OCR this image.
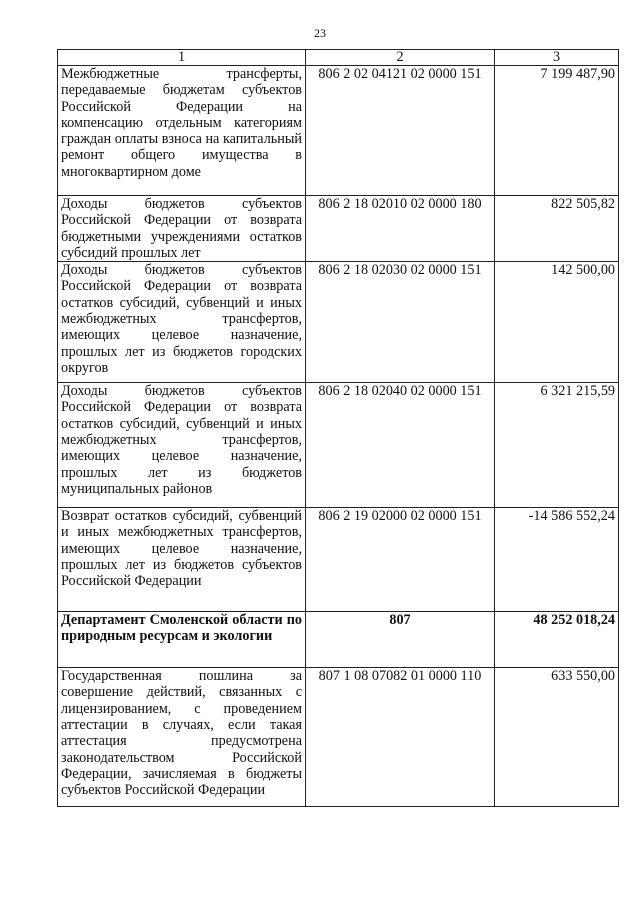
23
1	2	3
Межбюджетные трансферты, передаваемые бюджетам субъектов Российской Федерации на компенсацию отдельным категориям граждан оплаты взноса на капитальный ремонт общего имущества в многоквартирном доме	806 2 02 04121 02 0000 151	7 199 487,90
Доходы бюджетов субъектов Российской Федерации от возврата бюджетными учреждениями остатков субсидий прошлых лет	806 2 18 02010 02 0000 180	822 505,82
Доходы бюджетов субъектов Российской Федерации от возврата остатков субсидий, субвенций и иных межбюджетных трансфертов, имеющих целевое назначение, прошлых лет из бюджетов городских округов	806 2 18 02030 02 0000 151	142 500,00
Доходы бюджетов субъектов Российской Федерации от возврата остатков субсидий, субвенций и иных межбюджетных трансфертов, имеющих целевое назначение, прошлых лет из бюджетов муниципальных районов	806 2 18 02040 02 0000 151	6 321 215,59
Возврат остатков субсидий, субвенций и иных межбюджетных трансфертов, имеющих целевое назначение, прошлых лет из бюджетов субъектов Российской Федерации	806 2 19 02000 02 0000 151	-14 586 552,24
Департамент Смоленской области по природным ресурсам и экологии	807	48 252 018,24
Государственная пошлина за совершение действий, связанных с лицензированием, с проведением аттестации в случаях, если такая аттестация предусмотрена законодательством Российской Федерации, зачисляемая в бюджеты субъектов Российской Федерации	807 1 08 07082 01 0000 110	633 550,00
